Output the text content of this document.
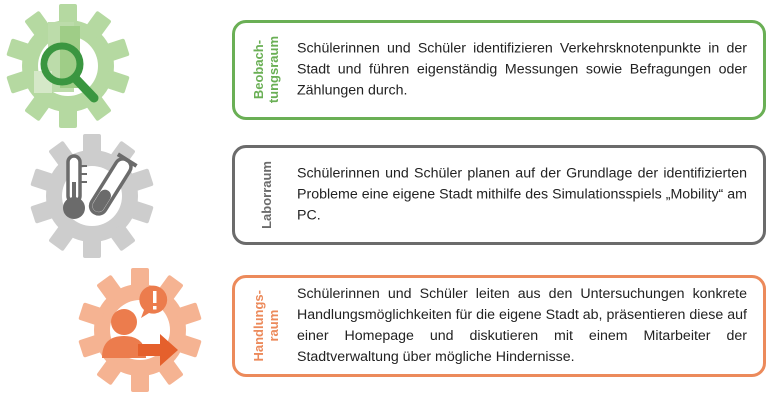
Beobach-
tungsraum Schülerinnen und Schüler identifizieren Verkehrsknotenpunkte in der Stadt und führen eigenständig Messungen sowie Befragungen oder Zählungen durch.
Laborraum Schülerinnen und Schüler planen auf der Grundlage der identifizierten Probleme eine eigene Stadt mithilfe des Simulationsspiels „Mobility“ am PC.
Handlungs-
raum
Schülerinnen und Schüler leiten aus den Untersuchungen konkrete Handlungsmöglichkeiten für die eigene Stadt ab, präsentieren diese auf einer Homepage und diskutieren mit einem Mitarbeiter der Stadtverwaltung über mögliche Hindernisse.
